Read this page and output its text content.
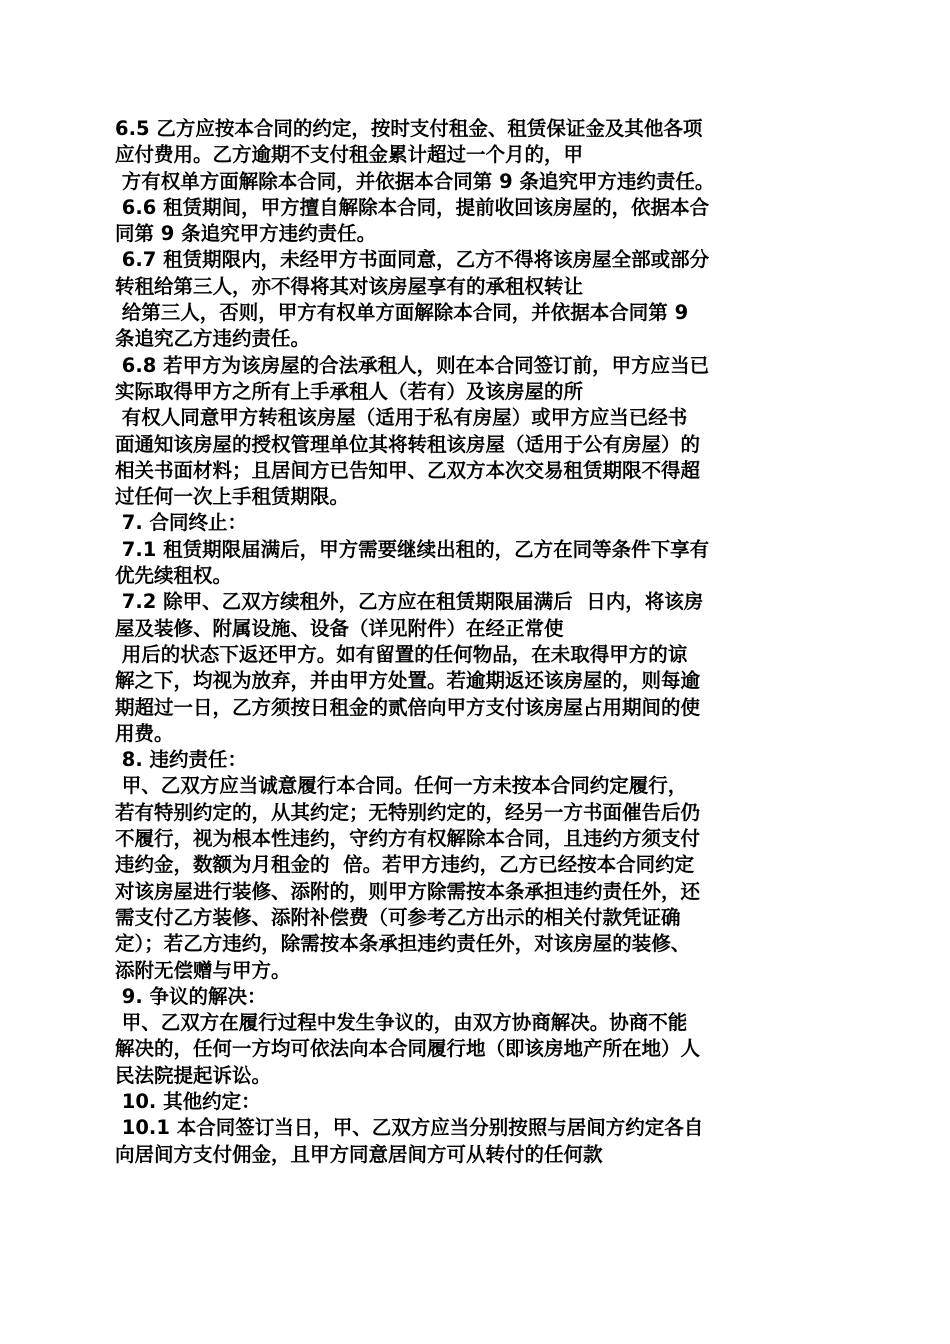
6.5 乙方应按本合同的约定，按时支付租金、租赁保证金及其他各项
应付费用。乙方逾期不支付租金累计超过一个月的，甲
方有权单方面解除本合同，并依据本合同第 9 条追究甲方违约责任。
6.6 租赁期间，甲方擅自解除本合同，提前收回该房屋的，依据本合
同第 9 条追究甲方违约责任。
6.7 租赁期限内，未经甲方书面同意，乙方不得将该房屋全部或部分
转租给第三人，亦不得将其对该房屋享有的承租权转让
给第三人，否则，甲方有权单方面解除本合同，并依据本合同第 9
条追究乙方违约责任。
6.8 若甲方为该房屋的合法承租人，则在本合同签订前，甲方应当已
实际取得甲方之所有上手承租人（若有）及该房屋的所
有权人同意甲方转租该房屋（适用于私有房屋）或甲方应当已经书
面通知该房屋的授权管理单位其将转租该房屋（适用于公有房屋）的
相关书面材料；且居间方已告知甲、乙双方本次交易租赁期限不得超
过任何一次上手租赁期限。
7. 合同终止：
7.1 租赁期限届满后，甲方需要继续出租的，乙方在同等条件下享有
优先续租权。
7.2 除甲、乙双方续租外，乙方应在租赁期限届满后  日内，将该房
屋及装修、附属设施、设备（详见附件）在经正常使
用后的状态下返还甲方。如有留置的任何物品，在未取得甲方的谅
解之下，均视为放弃，并由甲方处置。若逾期返还该房屋的，则每逾
期超过一日，乙方须按日租金的贰倍向甲方支付该房屋占用期间的使
用费。
8. 违约责任：
甲、乙双方应当诚意履行本合同。任何一方未按本合同约定履行，
若有特别约定的，从其约定；无特别约定的，经另一方书面催告后仍
不履行，视为根本性违约，守约方有权解除本合同，且违约方须支付
违约金，数额为月租金的  倍。若甲方违约，乙方已经按本合同约定
对该房屋进行装修、添附的，则甲方除需按本条承担违约责任外，还
需支付乙方装修、添附补偿费（可参考乙方出示的相关付款凭证确
定）；若乙方违约，除需按本条承担违约责任外，对该房屋的装修、
添附无偿赠与甲方。
9. 争议的解决：
甲、乙双方在履行过程中发生争议的，由双方协商解决。协商不能
解决的，任何一方均可依法向本合同履行地（即该房地产所在地）人
民法院提起诉讼。
10. 其他约定：
10.1 本合同签订当日，甲、乙双方应当分别按照与居间方约定各自
向居间方支付佣金，且甲方同意居间方可从转付的任何款
